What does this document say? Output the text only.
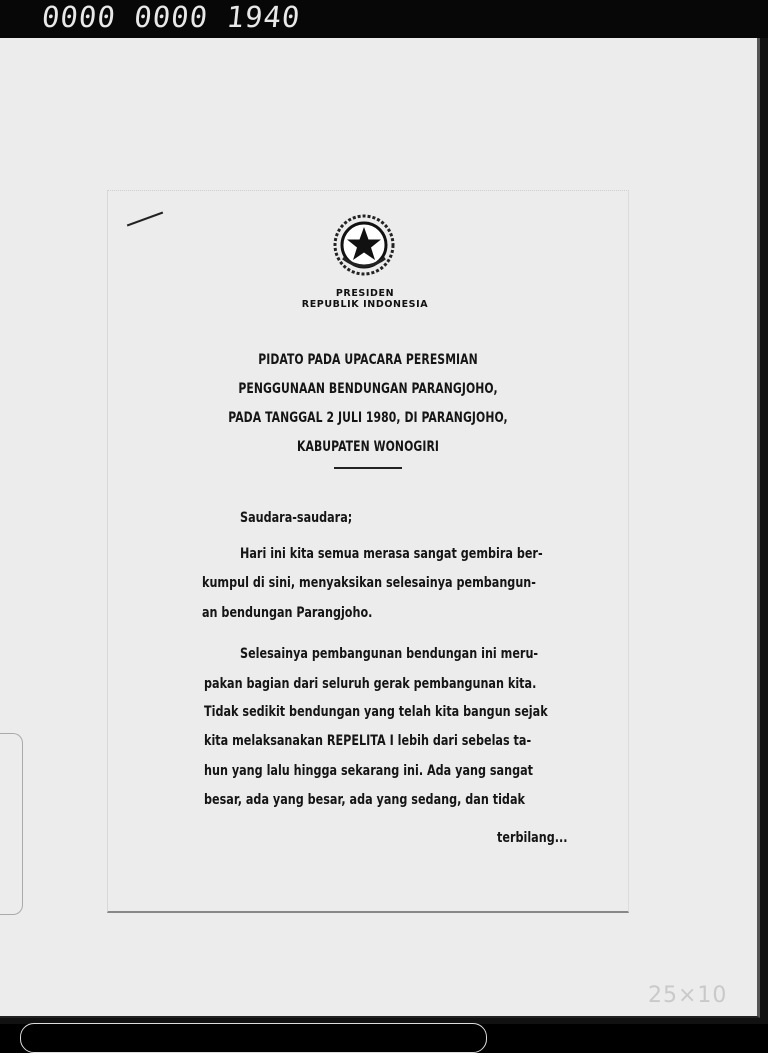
0000 0000 1940
PRESIDEN
REPUBLIK INDONESIA
PIDATO PADA UPACARA PERESMIAN
PENGGUNAAN BENDUNGAN PARANGJOHO,
PADA TANGGAL 2 JULI 1980, DI PARANGJOHO,
KABUPATEN WONOGIRI
Saudara-saudara;
Hari ini kita semua merasa sangat gembira ber-
kumpul di sini, menyaksikan selesainya pembangun-
an bendungan Parangjoho.
Selesainya pembangunan bendungan ini meru-
pakan bagian dari seluruh gerak pembangunan kita.
Tidak sedikit bendungan yang telah kita bangun sejak
kita melaksanakan REPELITA I lebih dari sebelas ta-
hun yang lalu hingga sekarang ini. Ada yang sangat
besar, ada yang besar, ada yang sedang, dan tidak
terbilang...
25×10
